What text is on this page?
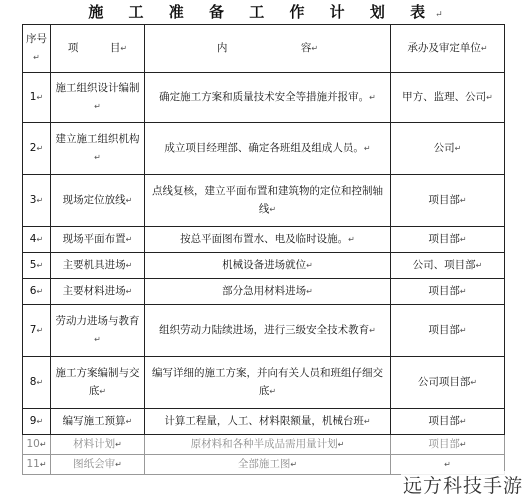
施 工 准 备 工 作 计 划 表↵
序号↵	项　　　目↵	内　　　　　　　容↵	承办及审定单位↵
1↵	施工组织设计编制↵	确定施工方案和质量技术安全等措施并报审。↵	甲方、监理、公司↵
2↵	建立施工组织机构↵	成立项目经理部、确定各班组及组成人员。↵	公司↵
3↵	现场定位放线↵	点线复核，建立平面布置和建筑物的定位和控制轴线↵	项目部↵
4↵	现场平面布置↵	按总平面图布置水、电及临时设施。↵	项目部↵
5↵	主要机具进场↵	机械设备进场就位↵	公司、项目部↵
6↵	主要材料进场↵	部分急用材料进场↵	项目部↵
7↵	劳动力进场与教育↵	组织劳动力陆续进场，进行三级安全技术教育↵	项目部↵
8↵	施工方案编制与交底↵	编写详细的施工方案，并向有关人员和班组仔细交底↵	公司项目部↵
9↵	编写施工预算↵	计算工程量，人工、材料限额量，机械台班↵	项目部↵
10↵	材料计划↵	原材料和各种半成品需用量计划↵	项目部↵
11↵	图纸会审↵	全部施工图↵	↵
远方科技手游
